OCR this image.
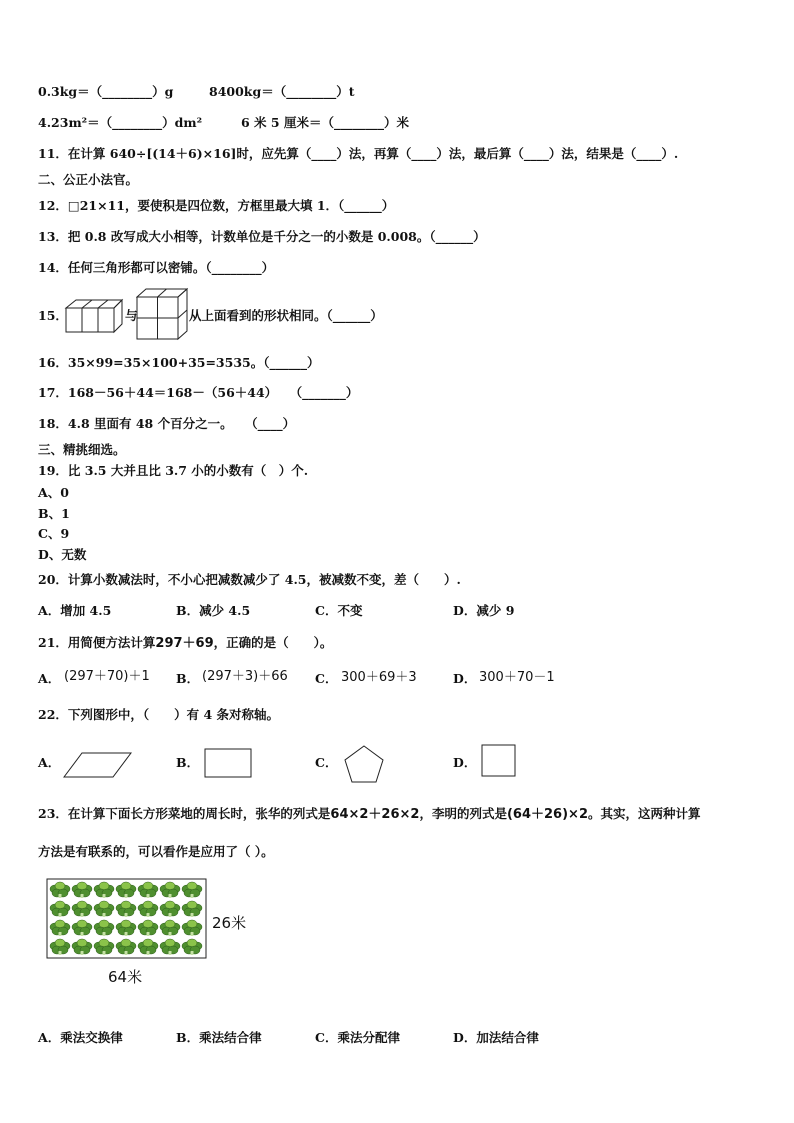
0.3kg＝（________）g	8400kg＝（________）t
4.23m²＝（________）dm²	6 米 5 厘米＝（________）米
11．在计算 640÷[(14＋6)×16]时，应先算（____）法，再算（____）法，最后算（____）法，结果是（____）.
二、公正小法官。
12．□21×11，要使积是四位数，方框里最大填 1．（______）
13．把 0.8 改写成大小相等，计数单位是千分之一的小数是 0.008。（______）
14．任何三角形都可以密铺。（________）
15．	与	从上面看到的形状相同。（______）
16．35×99=35×100+35=3535。（______）
17．168－56＋44＝168－（56＋44）　　（_______）
18．4.8 里面有 48 个百分之一。　　（____）
三、精挑细选。
19．比 3.5 大并且比 3.7 小的小数有（　）个.
A、0
B、1
C、9
D、无数
20．计算小数减法时，不小心把减数减少了 4.5，被减数不变，差（　　）.
A．增加 4.5	B．减少 4.5	C．不变	D．减少 9
21．用简便方法计算297＋69，正确的是（　　）。
A． (297＋70)＋1 B． (297＋3)＋66 C． 300＋69＋3	D． 300＋70－1
22．下列图形中，（　　）有 4 条对称轴。
A．	B．	C．	D．
23．在计算下面长方形菜地的周长时，张华的列式是64×2＋26×2，李明的列式是(64＋26)×2。其实，这两种计算
方法是有联系的，可以看作是应用了（ ）。
26米
64米
A．乘法交换律	B．乘法结合律	C．乘法分配律	D．加法结合律
